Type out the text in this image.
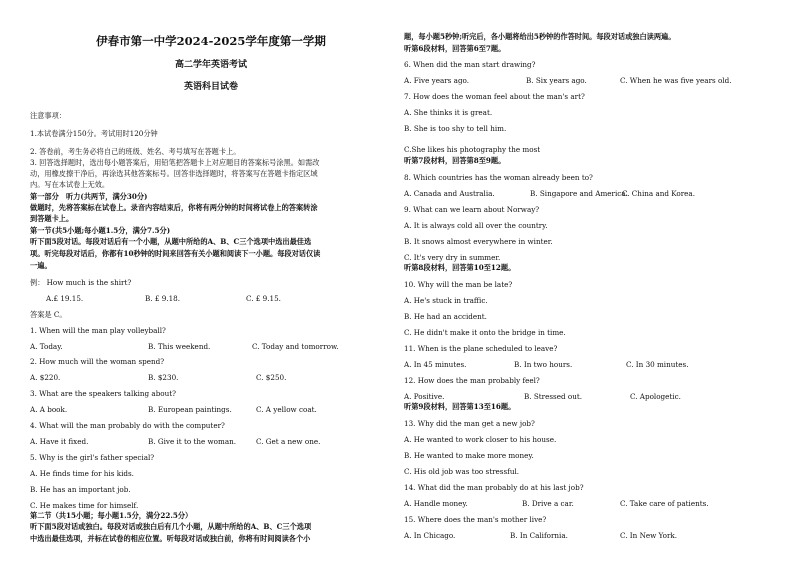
伊春市第一中学2024-2025学年度第一学期
高二学年英语考试
英语科目试卷
注意事项：
1.本试卷满分150分。考试用时120分钟
2. 答卷前，考生务必将自己的班级、姓名、考号填写在答题卡上。
3. 回答选择题时，选出每小题答案后，用铅笔把答题卡上对应题目的答案标号涂黑。如需改
动，用橡皮擦干净后，再涂选其他答案标号。回答非选择题时，将答案写在答题卡指定区域
内。写在本试卷上无效。
第一部分　听力(共两节，满分30分)
做题时，先将答案标在试卷上。录音内容结束后，你将有两分钟的时间将试卷上的答案转涂
到答题卡上。
第一节(共5小题;每小题1.5分，满分7.5分)
听下面5段对话。每段对话后有一个小题，从题中所给的A、B、C三个选项中选出最佳选
项。听完每段对话后，你都有10秒钟的时间来回答有关小题和阅读下一小题。每段对话仅读
一遍。
例： How much is the shirt?
A.£ 19.15.	B. £ 9.18.	C. £ 9.15.
答案是 C。
1. When will the man play volleyball?
A. Today.	B. This weekend.	C. Today and tomorrow.
2. How much will the woman spend?
A. $220.	B. $230.	C. $250.
3. What are the speakers talking about?
A. A book.	B. European paintings.	C. A yellow coat.
4. What will the man probably do with the computer?
A. Have it fixed.	B. Give it to the woman.	C. Get a new one.
5. Why is the girl's father special?
A. He finds time for his kids.
B. He has an important job.
C. He makes time for himself.
第二节（共15小题；每小题1.5分，满分22.5分）
听下面5段对话或独白。每段对话或独白后有几个小题，从题中所给的A、B、C三个选项
中选出最佳选项，并标在试卷的相应位置。听每段对话或独白前，你将有时间阅读各个小
题，每小题5秒钟;听完后，各小题将给出5秒钟的作答时间。每段对话或独白读两遍。
听第6段材料，回答第6至7题。
6. When did the man start drawing?
A. Five years ago.	B. Six years ago.	C. When he was five years old.
7. How does the woman feel about the man's art?
A. She thinks it is great.
B. She is too shy to tell him.
C.She likes his photography the most
听第7段材料，回答第8至9题。
8. Which countries has the woman already been to?
A. Canada and Australia.	B. Singapore and America.
C. China and Korea.
9. What can we learn about Norway?
A. It is always cold all over the country.
B. It snows almost everywhere in winter.
C. It's very dry in summer.
听第8段材料，回答第10至12题。
10. Why will the man be late?
A. He's stuck in traffic.
B. He had an accident.
C. He didn't make it onto the bridge in time.
11. When is the plane scheduled to leave?
A. In 45 minutes.	B. In two hours.	C. In 30 minutes.
12. How does the man probably feel?
A. Positive.	B. Stressed out.	C. Apologetic.
听第9段材料，回答第13至16题。
13. Why did the man get a new job?
A. He wanted to work closer to his house.
B. He wanted to make more money.
C. His old job was too stressful.
14. What did the man probably do at his last job?
A. Handle money.	B. Drive a car.	C. Take care of patients.
15. Where does the man's mother live?
A. In Chicago.	B. In California.	C. In New York.
